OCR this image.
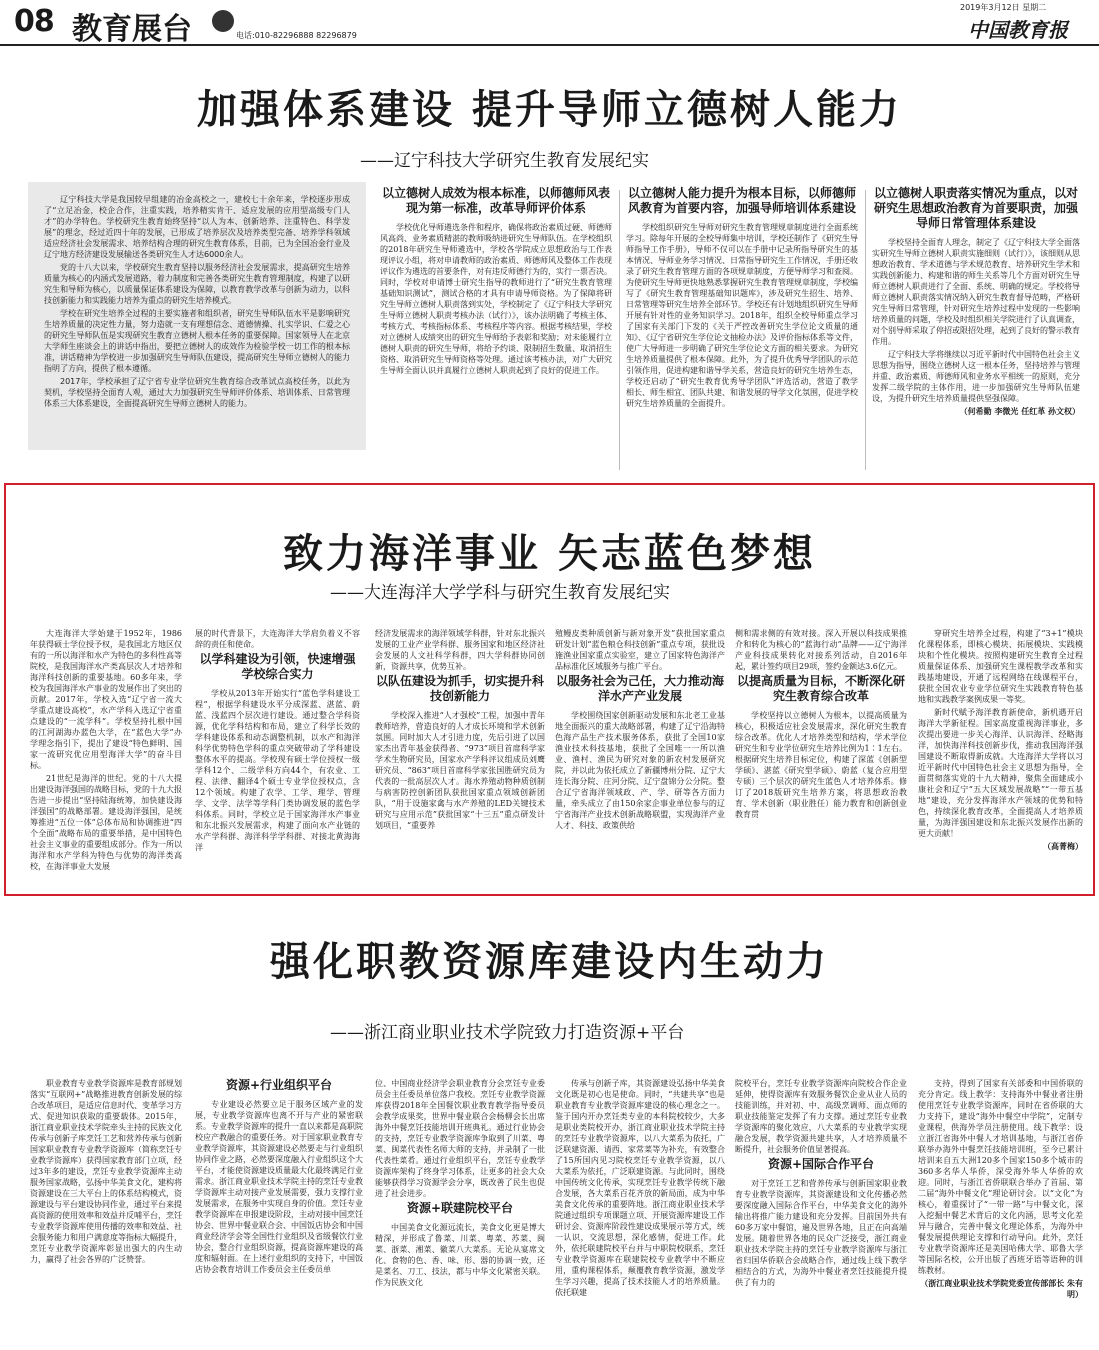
08 教育展台	电话:010-82296888 82296879
2019年3月12日 星期二
中国教育报
加强体系建设 提升导师立德树人能力
——辽宁科技大学研究生教育发展纪实

辽宁科技大学是我国较早组建的冶金高校之一，建校七十余年来，学校逐步形成了“立足冶金，校企合作，注重实践，培养精实肯干、适应发展的应用型高级专门人才”的办学特色。学校研究生教育始终坚持“以人为本、创新培养、注重特色、科学发展”的理念，经过近四十年的发展，已形成了培养层次及培养类型完备、培养学科领域适应经济社会发展需求、培养结构合理的研究生教育体系，目前，已为全国冶金行业及辽宁地方经济建设发展输送各类研究生人才达6000余人。

党的十八大以来，学校研究生教育坚持以服务经济社会发展需求，提高研究生培养质量为核心的内涵式发展道路，着力制度和完善各类研究生教育管理制度，构建了以研究生和导师为核心，以质量保证体系建设为保障，以教育教学改革与创新为动力，以科技创新能力和实践能力培养为重点的研究生培养模式。

学校在研究生培养全过程的主要实施者和组织者，研究生导师队伍水平是影响研究生培养质量的决定性力量，努力造就一支有理想信念、道德情操、扎实学识、仁爱之心的研究生导师队伍是实现研究生教育立德树人根本任务的重要保障。国家领导人在北京大学师生座谈会上的讲话中指出，要把立德树人的成效作为检验学校一切工作的根本标准，讲话精神为学校进一步加强研究生导师队伍建设，提高研究生导师立德树人的能力指明了方向，提供了根本遵循。

2017年，学校承担了辽宁省专业学位研究生教育综合改革试点高校任务，以此为契机，学校坚持全面育人观，通过大力加强研究生导师评价体系、培训体系、日常管理体系三大体系建设，全面提高研究生导师立德树人的能力。

以立德树人成效为根本标准，以师德师风表现为第一标准，改革导师评价体系

学校优化导师遴选条件和程序，确保将政治素质过硬、师德师风高尚、业务素质精湛的教师吸纳进研究生导师队伍。在学校组织的2018年研究生导师遴选中，学校各学院成立思想政治与工作表现评议小组，将对申请教师的政治素质、师德师风及整体工作表现评议作为遴选的首要条件，对有违反师德行为的，实行一票否决。同时，学校对申请博士研究生指导的教师进行了“研究生教育管理基础知识测试”，测试合格的才具有申请导师资格。为了保障将研究生导师立德树人职责落到实处，学校制定了《辽宁科技大学研究生导师立德树人职责考核办法（试行）》，该办法明确了考核主体、考核方式、考核指标体系、考核程序等内容。根据考核结果，学校对立德树人成绩突出的研究生导师给予表彰和奖励；对未能履行立德树人职责的研究生导师，将给予约谈、限制招生数量、取消招生资格、取消研究生导师资格等处理。通过该考核办法，对广大研究生导师全面认识并真履行立德树人职责起到了良好的促进工作。

以立德树人能力提升为根本目标，以师德师风教育为首要内容，加强导师培训体系建设

学校组织研究生导师对研究生教育管理规章制度进行全面系统学习。除每年开展的全校导师集中培训，学校还制作了《研究生导师指导工作手册》，导师不仅可以在手册中记录所指导研究生的基本情况、导师业务学习情况、日常指导研究生工作情况，手册还收录了研究生教育管理方面的各项规章制度，方便导师学习和查阅。为使研究生导师更快地熟悉掌握研究生教育管理规章制度，学校编写了《研究生教育管理基础知识题库》，涉及研究生招生、培养、日常管理等研究生培养全部环节。学校还有计划地组织研究生导师开展有针对性的业务知识学习。2018年，组织全校导师重点学习了国家有关部门下发的《关于严控改善研究生学位论文质量的通知》、《辽宁省研究生学位论文抽检办法》及评价指标体系等文件，使广大导师进一步明确了研究生学位论文方面的相关要求。为研究生培养质量提供了根本保障。此外，为了提升优秀导学团队的示范引领作用，促进构建和谐导学关系，营造良好的研究生培养生态，学校还启动了“研究生教育优秀导学团队”评选活动，营造了教学相长、师生相宜、团队共建、和谐发展的导学文化氛围，促进学校研究生培养质量的全面提升。

以立德树人职责落实情况为重点，以对研究生思想政治教育为首要职责，加强导师日常管理体系建设

学校坚持全面育人理念，制定了《辽宁科技大学全面落实研究生导师立德树人职责实施细则（试行）》，该细则从思想政治教育、学术道德与学术规范教育、培养研究生学术和实践创新能力、构建和谐的师生关系等几个方面对研究生导师立德树人职责进行了全面、系统、明确的规定。学校将导师立德树人职责落实情况纳入研究生教育督导范畴，严格研究生导师日常管理，针对研究生培养过程中发现的一些影响培养质量的问题，学校及时组织相关学院进行了认真调查，对个别导师采取了停招或限招处理，起到了良好的警示教育作用。

辽宁科技大学将继续以习近平新时代中国特色社会主义思想为指导，围绕立德树人这一根本任务，坚持培养与管理并重、政治素质、师德师风和业务水平相统一的原则，充分发挥二级学院的主体作用，进一步加强研究生导师队伍建设，为提升研究生培养质量提供坚强保障。

（何希勤 李微光 任红革 孙文权）
致力海洋事业 矢志蓝色梦想
——大连海洋大学学科与研究生教育发展纪实

大连海洋大学始建于1952年，1986年获得硕士学位授予权，是我国北方地区仅有的一所以海洋和水产为特色的多科性高等院校，是我国海洋水产类高层次人才培养和海洋科技创新的重要基地。60多年来，学校为我国海洋水产事业的发展作出了突出的贡献。2017年，学校入选“辽宁省一流大学重点建设高校”，水产学科入选辽宁省重点建设的“一流学科”。学校坚持扎根中国的江河湖海办蓝色大学，在“蓝色大学”办学理念指引下，提出了建设“特色鲜明、国家一流研究优应用型海洋大学”的奋斗目标。

21世纪是海洋的世纪。党的十八大提出建设海洋强国的战略目标，党的十九大报告进一步提出“坚持陆海统筹，加快建设海洋强国”的战略部署。建设海洋强国，是统筹推进“五位一体”总体布局和协调推进“四个全面”战略布局的重要举措，是中国特色社会主义事业的重要组成部分。作为一所以海洋和水产学科为特色与优势的海洋类高校，在海洋事业大发展

展的时代背景下，大连海洋大学肩负着义不容辞的责任和使命。

以学科建设为引领，快速增强学校综合实力

学校从2013年开始实行“蓝色学科建设工程”，根据学科建设水平分成深蓝、湛蓝、蔚蓝、浅蓝四个层次进行建设。通过整合学科资源，优化学科结构和布局，建立了科学长效的学科建设体系和动态调整机制，以水产和海洋科学优势特色学科的重点突破带动了学科建设整体水平的提高。学校现有硕士学位授权一级学科12个、二级学科方向44个，有农业、工程、法律、翻译4个硕士专业学位授权点，含12个领域。构建了农学、工学、理学、管理学、文学、法学等学科门类协调发展的蓝色学科体系。同时，学校立足于国家海洋水产事业和东北振兴发展需求，构建了面向水产业链的水产学科群、海洋科学学科群、对接北黄海海洋

经济发展需求的海洋领域学科群，针对东北振兴发展的工业产业学科群、服务国家和地区经济社会发展的人文社科学科群，四大学科群协同创新，资源共享，优势互补。

以队伍建设为抓手，切实提升科技创新能力

学校深入推进“人才强校”工程，加强中青年教师培养，营造良好的人才成长环境和学术创新氛围。同时加大人才引进力度，先后引进了以国家杰出青年基金获得者、“973”项目首席科学家学术生物研究员，国家水产学科评议组成员刘鹰研究员、“863”项目首席科学家张国胜研究员为代表的一批高层次人才。海水养殖动物种质创制与病害防控创新团队获批国家重点领域创新团队，“用于设施家禽与水产养殖的LED关键技术研究与应用示范”获批国家“十三五”重点研发计划项目，“重要养

殖鳗皮类种质创新与新对象开发”获批国家重点研发计划“蓝色粮仓科技创新”重点专项，获批设施渔业国家重点实验室，建立了国家特色海洋产品标准化区域服务与推广平台。

以服务社会为己任，大力推动海洋水产产业发展

学校围绕国家创新驱动发展和东北老工业基地全面振兴的重大战略部署，构建了辽宁沿海特色海产品生产技术服务体系，获批了全国10家渔业技术科技基地，获批了全国唯一一所以渔业、渔村、渔民为研究对象的新农村发展研究院，并以此为依托成立了新疆博州分院、辽宁大连长海分院、庄河分院、辽宁盘锦分公分院。整合辽宁省海洋领域政、产、学、研等各方面力量，牵头成立了由150余家企事业单位参与的辽宁省海洋产业技术创新战略联盟，实现海洋产业人才、科技、政策供给

侧和需求侧的有效对接。深入开展以科技成果推介和转化为核心的“蓝海行动”品牌——辽宁海洋产业科技成果转化对接系列活动，自2016年起，累计签约项目29项，签约金额达3.6亿元。

以提高质量为目标，不断深化研究生教育综合改革

学校坚持以立德树人为根本，以提高质量为核心，积极适应社会发展需求，深化研究生教育综合改革。优化人才培养类型和结构，学术学位研究生和专业学位研究生培养比例为1∶1左右。根据研究生培养目标定位，构建了深蓝《创新型学硕》、湛蓝《研究型学硕》、蔚蓝（复合应用型专硕）三个层次的研究生蓝色人才培养体系。修订了2018版研究生培养方案，将思想政治教育、学术创新（职业胜任）能力教育和创新创业教育贯

穿研究生培养全过程，构建了“3+1”模块化课程体系，即核心模块、拓展模块、实践模块和个性化模块。按照构建研究生教育全过程质量保证体系、加强研究生课程教学改革和实践基地建设，开通了远程网络在线课程平台，获批全国农业专业学位研究生实践教育特色基地和实践教学案例成果一等奖。

新时代赋予海洋教育新使命，新机遇开启海洋大学新征程。国家高度重视海洋事业，多次提出要进一步关心海洋、认识海洋、经略海洋，加快海洋科技创新步伐，推动我国海洋强国建设不断取得新成就。大连海洋大学将以习近平新时代中国特色社会主义思想为指导，全面贯彻落实党的十九大精神，聚焦全面建成小康社会和辽宁“五大区域发展战略”“一带五基地”建设，充分发挥海洋水产领域的优势和特色，持续深化教育改革，全面提高人才培养质量，为海洋强国建设和东北振兴发展作出新的更大贡献！

（高菁梅）
强化职教资源库建设内生动力
——浙江商业职业技术学院致力打造资源+平台

职业教育专业教学资源库是教育部规划落实“互联网+”战略推进教育创新发展的综合改革项目，是适应信息时代、变革学习方式、促进知识获取的重要载体。2015年，浙江商业职业技术学院牵头主持的民族文化传承与创新子库烹饪工艺和营养传承与创新国家职业教育专业教学资源库（简称烹饪专业教学资源库）获得国家教育部门立项，经过3年多的建设，烹饪专业教学资源库主动服务国家战略，弘扬中华美食文化，建构将资源建设在三大平台上的体系结构模式，资源建设与平台建设协同作业，通过平台来提高资源的使用效率和效益并反哺平台，烹饪专业教学资源库使用传播的效率和效益、社会服务能力和用户满意度等指标大幅提升，烹饪专业教学资源库彰显出强大的内生动力，赢得了社会各界的广泛赞誉。

资源+行业组织平台

专业建设必然要立足于服务区域产业的发展，专业教学资源库也离不开与产业的紧密联系。专业教学资源库的提升一直以来都是高职院校应产教融合的重要任务。对于国家职业教育专业教学资源库，其资源建设必然要走与行业组织协同作业之路，必然要深度融入行业组织这个大平台，才能使资源建设质量最大化最终满足行业需求。浙江商业职业技术学院主持的烹饪专业教学资源库主动对接产业发展需要，强力支撑行业发展需求，在服务中实现自身的价值。烹饪专业教学资源库在申报建设阶段，主动对接中国烹饪协会、世界中餐业联合会、中国饭店协会和中国商业经济学会等全国性行业组织及省级餐饮行业协会，整合行业组织资源，提高资源库建设的高度和辐射面。在上述行业组织的支持下，中国饭店协会教育培训工作委员会主任委员单

位、中国商业经济学会职业教育分会烹饪专业委员会主任委员单位落户我校。烹饪专业教学资源库获得2018年全国餐饮职业教育教学指导委员会教学成果奖，世界中餐业联合会杨柳会长出席海外中餐烹饪技能培训开班典礼。通过行业协会的支持，烹饪专业教学资源库争取到了川菜、粤菜、闽菜代表性名师大师的支持，并录制了一批代表性菜肴。通过行业组织平台，烹饪专业教学资源库架构了终身学习体系，让更多的社会大众能够获得学习资源学会分享，既改善了民生也促进了社会进步。

资源+联建院校平台

中国美食文化源远流长，美食文化更是博大精深，并形成了鲁菜、川菜、粤菜、苏菜、闽菜、浙菜、湘菜、徽菜八大菜系。无论从宴席文化、食物的色、香、味、形、器的协调一致，还是菜名、刀工、技法，都与中华文化紧密关联。作为民族文化

传承与创新子库，其资源建设弘扬中华美食文化既是初心也是使命。同时，“共建共享”也是职业教育专业教学资源库建设的核心理念之一。鉴于国内开办烹饪类专业的本科院校较少，大多是职业类院校开办，浙江商业职业技术学院主持的烹饪专业教学资源库，以八大菜系为依托，广泛联建资源、请西、家常菜等为补充，有效整合了15所国内见习院校烹饪专业教学资源，以八大菜系为依托，广泛联建资源。与此同时，围绕中国传统文化传承，实现烹饪专业教学传统下融合发展，各大菜系百花齐放的新局面，成为中华美食文化传承的重要阵地。浙江商业职业技术学院通过组织专项课题立项、开展资源库建设工作研讨会、资源库阶段性建设成果展示等方式，统一认识，交流思想，深化感情，促进工作。此外，依托联建院校平台并与中职院校联系，烹饪专业教学资源库在联建院校专业教学中不断应用，重构课程体系，颠覆教育教学资源，激发学生学习兴趣，提高了技术技能人才的培养质量。依托联建

院校平台，烹饪专业教学资源库向院校合作企业延伸，使得资源库有效服务餐饮企业从业人员的技能训练，并对初、中、高级烹调师、面点师的职业技能鉴定发挥了有力支撑。通过烹饪专业教学资源库的聚化效应，八大菜系的专业教学实现融合发展，教学资源共建共享，人才培养质量不断提升，社会服务价值显著提高。

资源+国际合作平台

对于烹饪工艺和营养传承与创新国家职业教育专业教学资源库，其资源建设和文化传播必然要深度融入国际合作平台，中华美食文化的海外输出将推广能力建设和充分发挥。目前国外共有60多万家中餐馆，遍及世界各地，且正在向高端发展。随着世界各地的民众广泛接受，浙江商业职业技术学院主持的烹饪专业教学资源库与浙江省归国华侨联合会战略合作，通过线上线下教学相结合的方式，为海外中餐业者烹饪技能提升提供了有力的

支持，得到了国家有关部委和中国侨联的充分肯定。线上教学：支持海外中餐业者注册使用烹饪专业教学资源库，同时在省侨联的大力支持下，建设“海外中餐空中学院”，定制专业课程，供海外学员注册使用。线下教学：设立浙江省海外中餐人才培训基地，与浙江省侨联举办海外中餐烹饪技能培训班，至今已累计培训来自五大洲120多个国家150多个城市的360多名华人华侨，深受海外华人华侨的欢迎。同时，与浙江省侨联联合举办了首届、第二届“海外中餐文化”理论研讨会。以“文化”为核心，着重探讨了“一带一路”与中餐文化，深入挖掘中餐艺术背后的文化内涵，思考文化差异与融合，完善中餐文化理论体系，为海外中餐发展提供理论支撑和行动导向。此外，烹饪专业教学资源库还是美国哈佛大学、耶鲁大学等国际名校，公开出版了西班牙语等语种的训练教材。

（浙江商业职业技术学院党委宣传部部长 朱有明）
